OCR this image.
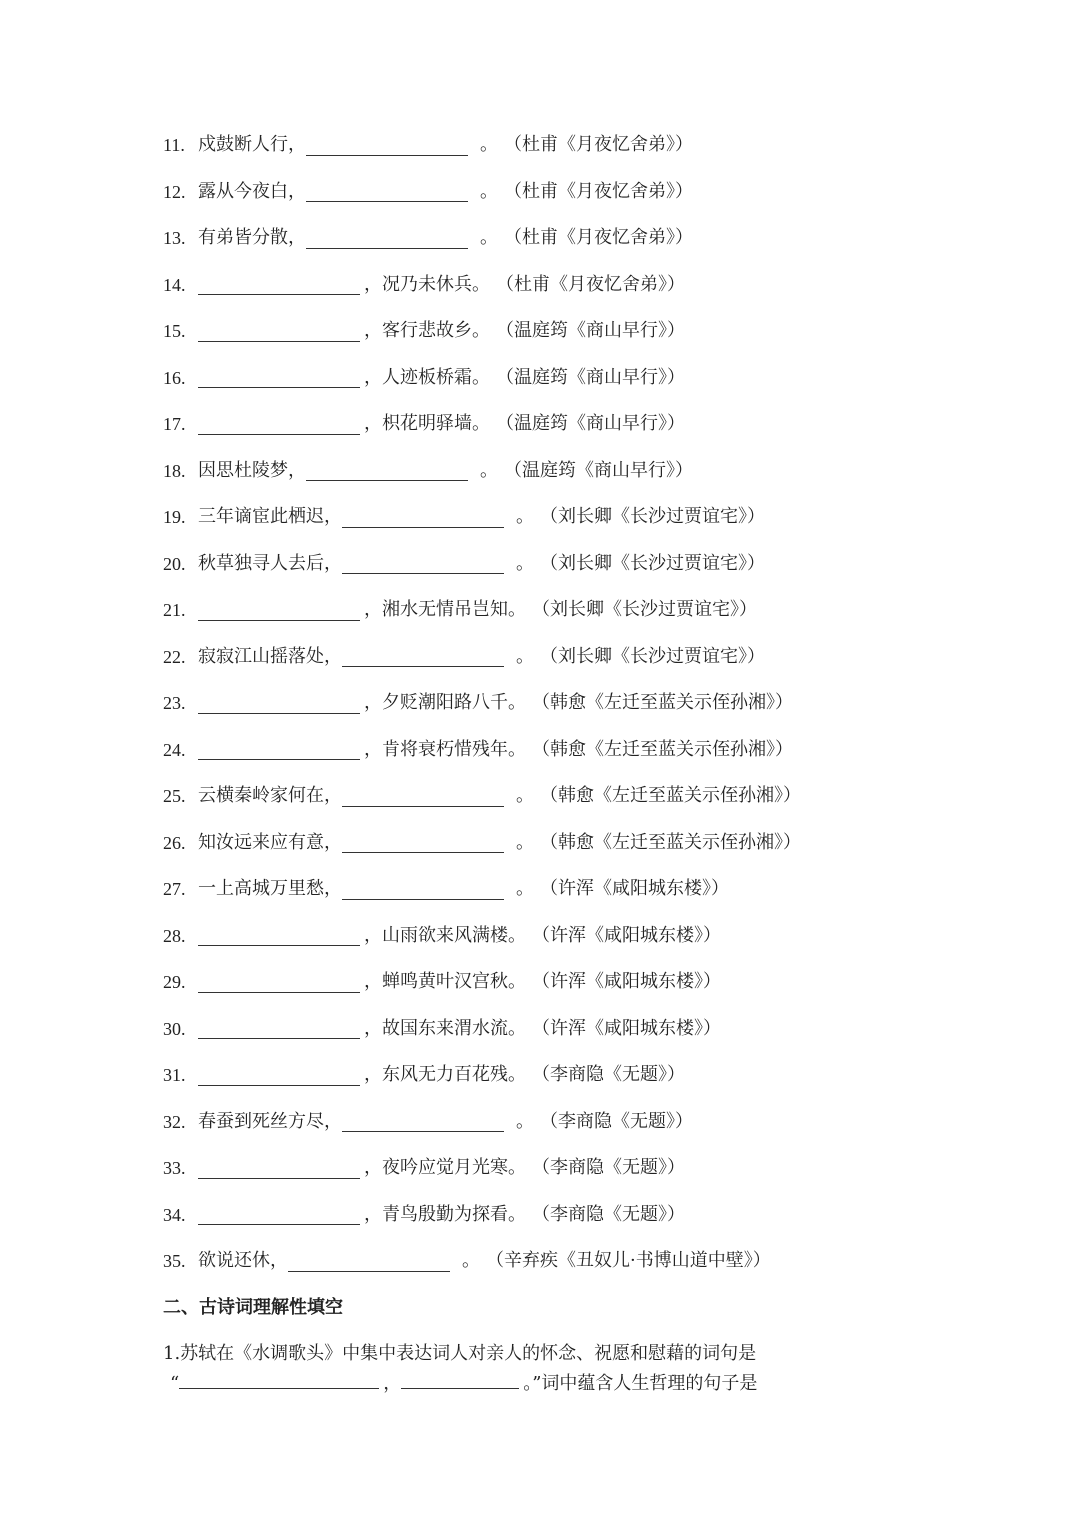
11. 戍鼓断人行，	。 （杜甫《月夜忆舍弟》）
12. 露从今夜白，	。 （杜甫《月夜忆舍弟》）
13. 有弟皆分散，	。 （杜甫《月夜忆舍弟》）
14.	，况乃未休兵。 （杜甫《月夜忆舍弟》）
15.	，客行悲故乡。 （温庭筠《商山早行》）
16.	，人迹板桥霜。 （温庭筠《商山早行》）
17.	，枳花明驿墙。 （温庭筠《商山早行》）
18. 因思杜陵梦，	。 （温庭筠《商山早行》）
19. 三年谪宦此栖迟，	。 （刘长卿《长沙过贾谊宅》）
20. 秋草独寻人去后，	。 （刘长卿《长沙过贾谊宅》）
21.	，湘水无情吊岂知。 （刘长卿《长沙过贾谊宅》）
22. 寂寂江山摇落处，	。 （刘长卿《长沙过贾谊宅》）
23.	，夕贬潮阳路八千。 （韩愈《左迁至蓝关示侄孙湘》）
24.	，肯将衰朽惜残年。 （韩愈《左迁至蓝关示侄孙湘》）
25. 云横秦岭家何在，	。 （韩愈《左迁至蓝关示侄孙湘》）
26. 知汝远来应有意，	。 （韩愈《左迁至蓝关示侄孙湘》）
27. 一上高城万里愁，	。 （许浑《咸阳城东楼》）
28.	，山雨欲来风满楼。 （许浑《咸阳城东楼》）
29.	，蝉鸣黄叶汉宫秋。 （许浑《咸阳城东楼》）
30.	，故国东来渭水流。 （许浑《咸阳城东楼》）
31.	，东风无力百花残。 （李商隐《无题》）
32. 春蚕到死丝方尽，	。 （李商隐《无题》）
33.	，夜吟应觉月光寒。 （李商隐《无题》）
34.	，青鸟殷勤为探看。 （李商隐《无题》）
35. 欲说还休，	。 （辛弃疾《丑奴儿·书博山道中壁》）
二、古诗词理解性填空
1.苏轼在《水调歌头》中集中表达词人对亲人的怀念、祝愿和慰藉的词句是
“	，	。”词中蕴含人生哲理的句子是
